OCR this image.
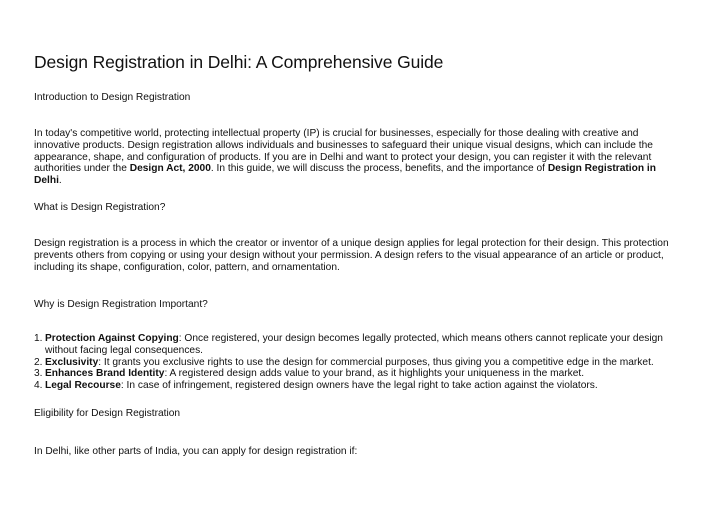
Design Registration in Delhi: A Comprehensive Guide
Introduction to Design Registration

In today's competitive world, protecting intellectual property (IP) is crucial for businesses, especially for those dealing with creative and innovative products. Design registration allows individuals and businesses to safeguard their unique visual designs, which can include the appearance, shape, and configuration of products. If you are in Delhi and want to protect your design, you can register it with the relevant authorities under the Design Act, 2000. In this guide, we will discuss the process, benefits, and the importance of Design Registration in Delhi.

What is Design Registration?

Design registration is a process in which the creator or inventor of a unique design applies for legal protection for their design. This protection prevents others from copying or using your design without your permission. A design refers to the visual appearance of an article or product, including its shape, configuration, color, pattern, and ornamentation.

Why is Design Registration Important?
1. Protection Against Copying: Once registered, your design becomes legally protected, which means others cannot replicate your design without facing legal consequences.
2. Exclusivity: It grants you exclusive rights to use the design for commercial purposes, thus giving you a competitive edge in the market.
3. Enhances Brand Identity: A registered design adds value to your brand, as it highlights your uniqueness in the market.
4. Legal Recourse: In case of infringement, registered design owners have the legal right to take action against the violators.
Eligibility for Design Registration

In Delhi, like other parts of India, you can apply for design registration if:
